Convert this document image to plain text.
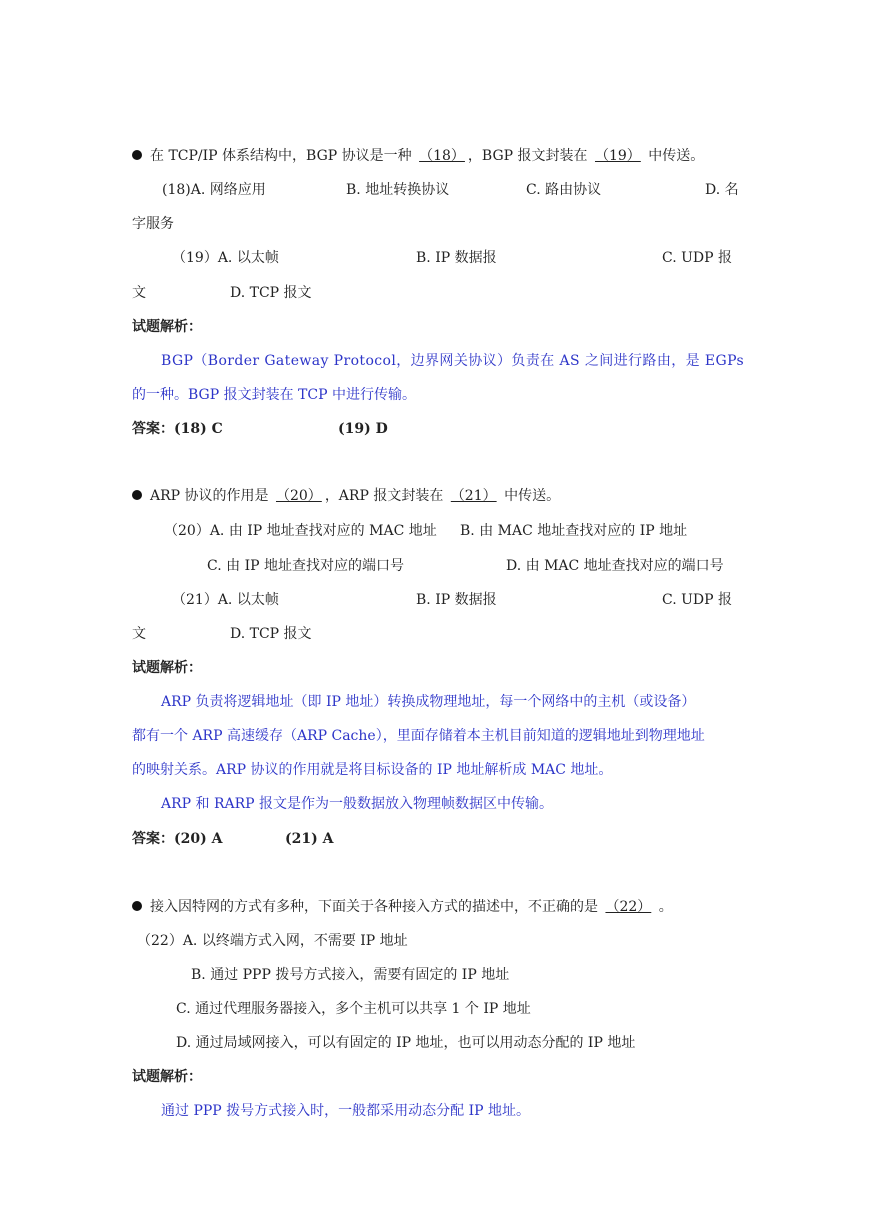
在 TCP/IP 体系结构中，BGP 协议是一种 （18） ，BGP 报文封装在 （19） 中传送。
(18)A. 网络应用	B. 地址转换协议	C. 路由协议	D. 名
字服务
（19）A. 以太帧	B. IP 数据报	C. UDP 报
文	D. TCP 报文
试题解析：
BGP（Border Gateway Protocol，边界网关协议）负责在 AS 之间进行路由，是 EGPs
的一种。BGP 报文封装在 TCP 中进行传输。
答案：(18) C	(19) D
ARP 协议的作用是 （20） ，ARP 报文封装在 （21） 中传送。
（20）A. 由 IP 地址查找对应的 MAC 地址 B. 由 MAC 地址查找对应的 IP 地址
C. 由 IP 地址查找对应的端口号	D. 由 MAC 地址查找对应的端口号
（21）A. 以太帧	B. IP 数据报	C. UDP 报
文	D. TCP 报文
试题解析：
ARP 负责将逻辑地址（即 IP 地址）转换成物理地址，每一个网络中的主机（或设备）
都有一个 ARP 高速缓存（ARP Cache），里面存储着本主机目前知道的逻辑地址到物理地址
的映射关系。ARP 协议的作用就是将目标设备的 IP 地址解析成 MAC 地址。
ARP 和 RARP 报文是作为一般数据放入物理帧数据区中传输。
答案：(20) A	(21) A
接入因特网的方式有多种，下面关于各种接入方式的描述中，不正确的是 （22） 。
（22）A. 以终端方式入网，不需要 IP 地址
B. 通过 PPP 拨号方式接入，需要有固定的 IP 地址
C. 通过代理服务器接入，多个主机可以共享 1 个 IP 地址
D. 通过局域网接入，可以有固定的 IP 地址，也可以用动态分配的 IP 地址
试题解析：
通过 PPP 拨号方式接入时，一般都采用动态分配 IP 地址。
